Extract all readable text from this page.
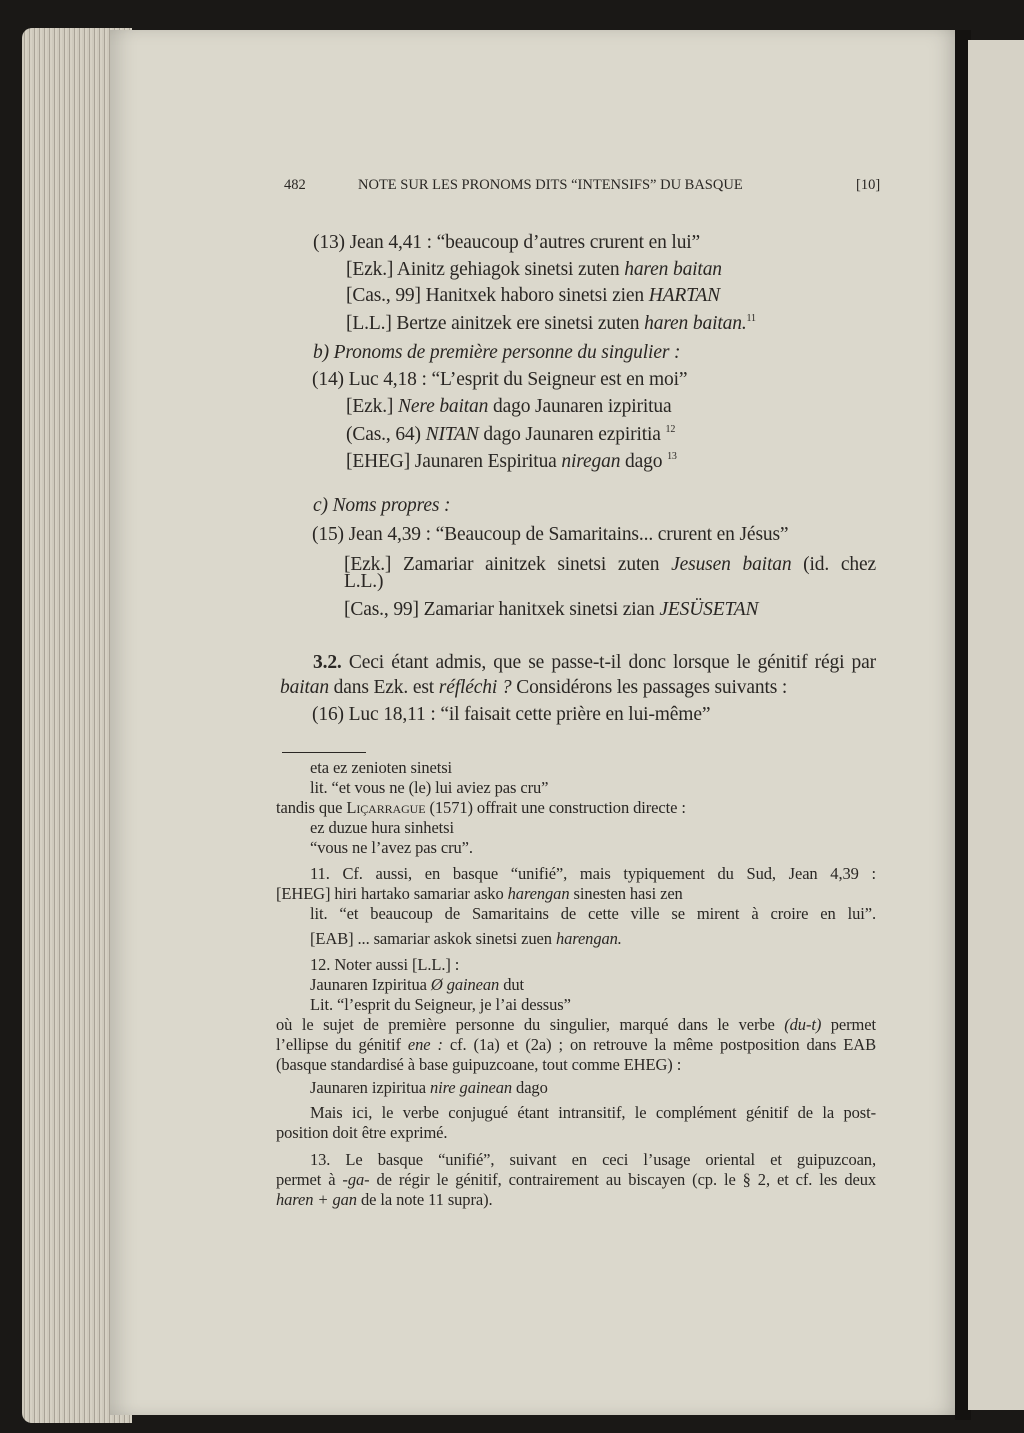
482	NOTE SUR LES PRONOMS DITS “INTENSIFS” DU BASQUE	[10]
(13) Jean 4,41 : “beaucoup d’autres crurent en lui”
[Ezk.] Ainitz gehiagok sinetsi zuten haren baitan
[Cas., 99] Hanitxek haboro sinetsi zien HARTAN
[L.L.] Bertze ainitzek ere sinetsi zuten haren baitan.$^{11}$
b) Pronoms de première personne du singulier :
(14) Luc 4,18 : “L’esprit du Seigneur est en moi”
[Ezk.] Nere baitan dago Jaunaren izpiritua
(Cas., 64) NITAN dago Jaunaren ezpiritia $^{12}$
[EHEG] Jaunaren Espiritua niregan dago $^{13}$
c) Noms propres :
(15) Jean 4,39 : “Beaucoup de Samaritains... crurent en Jésus”
[Ezk.] Zamariar ainitzek sinetsi zuten Jesusen baitan (id. chez
L.L.)
[Cas., 99] Zamariar hanitxek sinetsi zian JESÜSETAN
3.2. Ceci étant admis, que se passe-t-il donc lorsque le génitif régi par
baitan dans Ezk. est réfléchi ? Considérons les passages suivants :
(16) Luc 18,11 : “il faisait cette prière en lui-même”
eta ez zenioten sinetsi
lit. “et vous ne (le) lui aviez pas cru”
tandis que Liçarrague (1571) offrait une construction directe :
ez duzue hura sinhetsi
“vous ne l’avez pas cru”.
11. Cf. aussi, en basque “unifié”, mais typiquement du Sud, Jean 4,39 :
[EHEG] hiri hartako samariar asko harengan sinesten hasi zen
lit. “et beaucoup de Samaritains de cette ville se mirent à croire en lui”.
[EAB] ... samariar askok sinetsi zuen harengan.
12. Noter aussi [L.L.] :
Jaunaren Izpiritua Ø gainean dut
Lit. “l’esprit du Seigneur, je l’ai dessus”
où le sujet de première personne du singulier, marqué dans le verbe (du-t) permet
l’ellipse du génitif ene : cf. (1a) et (2a) ; on retrouve la même postposition dans EAB
(basque standardisé à base guipuzcoane, tout comme EHEG) :
Jaunaren izpiritua nire gainean dago
Mais ici, le verbe conjugué étant intransitif, le complément génitif de la post-
position doit être exprimé.
13. Le basque “unifié”, suivant en ceci l’usage oriental et guipuzcoan,
permet à -ga- de régir le génitif, contrairement au biscayen (cp. le § 2, et cf. les deux
haren + gan de la note 11 supra).
